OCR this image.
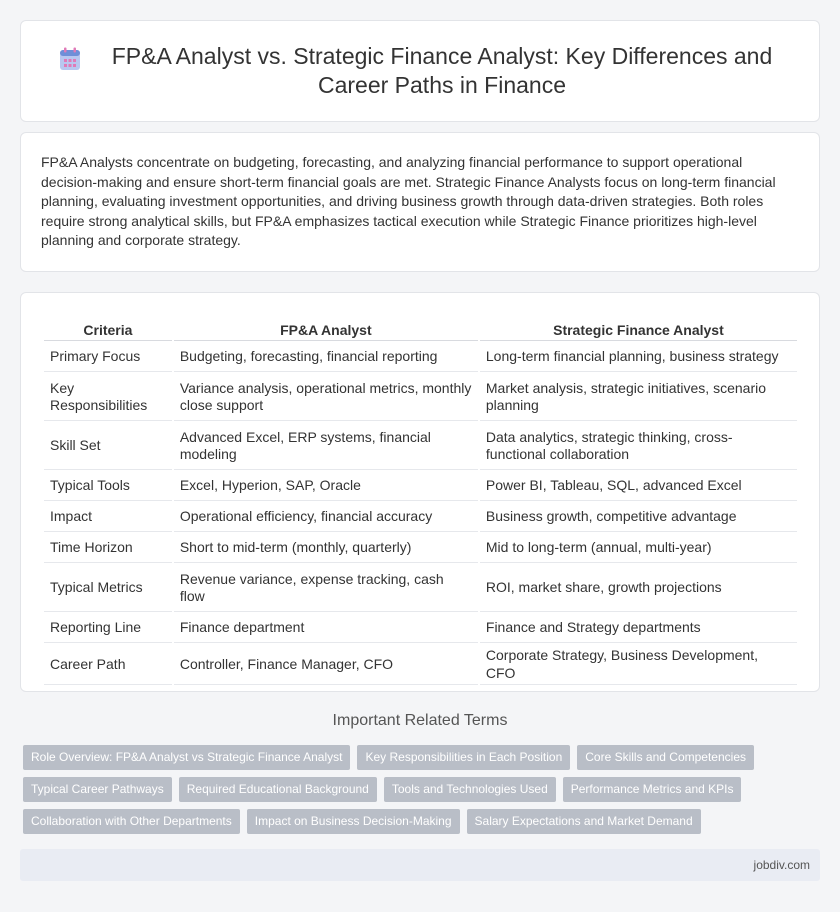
FP&A Analyst vs. Strategic Finance Analyst: Key Differences and Career Paths in Finance

FP&A Analysts concentrate on budgeting, forecasting, and analyzing financial performance to support operational decision-making and ensure short-term financial goals are met. Strategic Finance Analysts focus on long-term financial planning, evaluating investment opportunities, and driving business growth through data-driven strategies. Both roles require strong analytical skills, but FP&A emphasizes tactical execution while Strategic Finance prioritizes high-level planning and corporate strategy.

Criteria	FP&A Analyst	Strategic Finance Analyst
Primary Focus	Budgeting, forecasting, financial reporting	Long-term financial planning, business strategy
Key Responsibilities	Variance analysis, operational metrics, monthly close support	Market analysis, strategic initiatives, scenario planning
Skill Set	Advanced Excel, ERP systems, financial modeling	Data analytics, strategic thinking, cross-functional collaboration
Typical Tools	Excel, Hyperion, SAP, Oracle	Power BI, Tableau, SQL, advanced Excel
Impact	Operational efficiency, financial accuracy	Business growth, competitive advantage
Time Horizon	Short to mid-term (monthly, quarterly)	Mid to long-term (annual, multi-year)
Typical Metrics	Revenue variance, expense tracking, cash flow	ROI, market share, growth projections
Reporting Line	Finance department	Finance and Strategy departments
Career Path	Controller, Finance Manager, CFO	Corporate Strategy, Business Development, CFO
Important Related Terms
Role Overview: FP&A Analyst vs Strategic Finance Analyst	Key Responsibilities in Each Position	Core Skills and Competencies
Typical Career Pathways	Required Educational Background	Tools and Technologies Used	Performance Metrics and KPIs
Collaboration with Other Departments	Impact on Business Decision-Making	Salary Expectations and Market Demand
jobdiv.com
